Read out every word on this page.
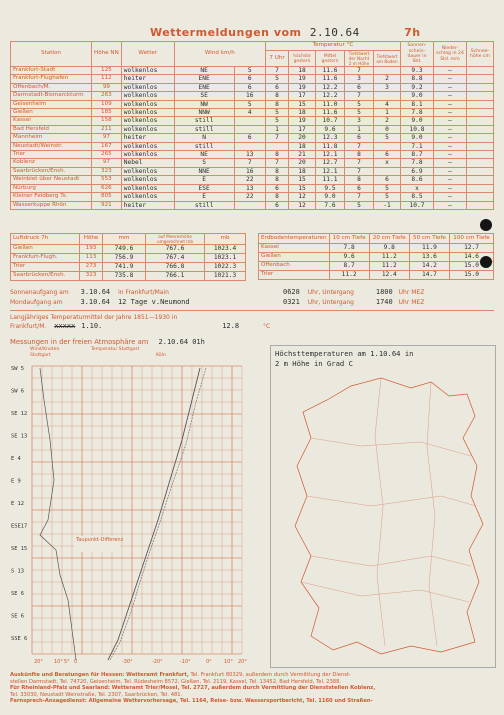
Wettermeldungen vom 2.10.64	7h
Station	Höhe NN	Wetter	Wind km/h		Temperatur °C					Sonnen-schein-dauer in Std.	Nieder-schlag in 24 Std. mm	Schnee-höhe cm
					7 Uhr	höchste gestern	Mittel gestern	Tiefstwert der Nacht 2 m Höhe	Tiefstwert am Boden			
Frankfurt-Stadt	125	wolkenlos	NE	5	7	18	11.6	7		9.3	—	
Frankfurt-Flughafen	112	heiter	ENE	6	5	19	11.6	3	2	8.8	—	
Offenbach/M.	99	wolkenlos	ENE	6	6	19	12.2	6	3	9.2	—	
Darmstadt-Bismarckturm	263	wolkenlos	SE	16	8	17	12.2	7		9.0	—	
Geisenheim	109	wolkenlos	NW	5	8	15	11.0	5	4	8.1	—	
Gießen	185	wolkenlos	NNW	4	5	18	11.6	5	1	7.8	—	
Kassel	158	wolkenlos	still		5	19	10.7	3	2	9.0	—	
Bad Hersfeld	211	wolkenlos	still		1	17	9.6	1	0	10.8	—	
Mannheim	97	heiter	N	6	7	20	12.3	6	5	9.0	—	
Neustadt/Weinstr.	167	wolkenlos	still			18	11.8	7		7.1	—	
Trier	265	wolkenlos	NE	13	8	21	12.1	8	6	8.7	—	
Koblenz	97	Nebel	S	7	7	20	12.7	7	x	7.8	—	
Saarbrücken/Ensh.	323	wolkenlos	NNE	16	8	18	12.1	7		6.9	—	
Weinbiet über Neustadt	553	wolkenlos	E	22	8	15	11.1	8	6	8.6	—	
Nürburg	626	wolkenlos	ESE	13	6	15	9.5	6	5	x	—	
Kleiner Feldberg Ts.	805	wolkenlos	E	22	8	12	9.0	7	5	8.5	—	
Wasserkuppe Rhön	921	heiter	still		6	12	7.6	5	-1	10.7	—	
Luftdruck 7h	Höhe	mm	auf Meereshöhe umgerechnet mb	mb
Gießen	193	749.6	767.6	1023.4
Frankfurt-Flugh.	113	756.9	767.4	1023.1
Trier	273	741.9	766.8	1022.3
Saarbrücken/Ensh.	323	735.8	766.1	1021.3
Erdbodentemperaturen	10 cm Tiefe	20 cm Tiefe	50 cm Tiefe	100 cm Tiefe
Kassel	7.8	9.8	11.9	12.7
Gießen	9.6	11.2	13.6	14.6
Offenbach	8.7	11.2	14.2	15.0
Trier	11.2	12.4	14.7	15.0
Sonnenaufgang am 3.10.64 in Frankfurt/Main	0628 Uhr, Untergang	1800 Uhr MEZ
Mondaufgang am	3.10.64 12 Tage v.Neumond	0321 Uhr, Untergang	1740 Uhr MEZ
Langjähriges Temperaturmittel der Jahre 1851—1930 in
Frankfurt/M. xxxxx 1.10.	12.8	°C
Messungen in der freien Atmosphäre am 2.10.64 01h
Wind/Knoten	Temperatur Stuttgart
Stuttgart	Köln
SW 5
SW 6
SE 12
SE 13
E 4
E 9
E 12
ESE17
SE 15
S 13
SE 6
SE 6
SSE 6
20° 10° 5° 0	-30°	-20°	-10°	0° 10° 20°
Taupunkt-Differenz
Höchsttemperaturen am 1.10.64 in
2 m Höhe in Grad C
Auskünfte und Beratungen für Hessen: Wetteramt Frankfurt, Tel. Frankfurt 80329, außerdem durch Vermittlung der Dienst-
stellen Darmstadt, Tel. 74720, Geisenheim, Tel. Rüdesheim 8572, Gießen, Tel. 2119, Kassel, Tel. 13452, Bad Hersfeld, Tel. 2388.
Für Rheinland-Pfalz und Saarland: Wetteramt Trier/Mosel, Tel. 2727, außerdem durch Vermittlung der Dienststellen Koblenz,
Tel. 33030, Neustadt Weinstraße, Tel. 2307, Saarbrücken, Tel. 481.
Fernsprech-Ansagedienst: Allgemeine Wettervorhersage, Tel. 1164, Reise- bzw. Wassersportbericht, Tel. 1160 und Straßen-
